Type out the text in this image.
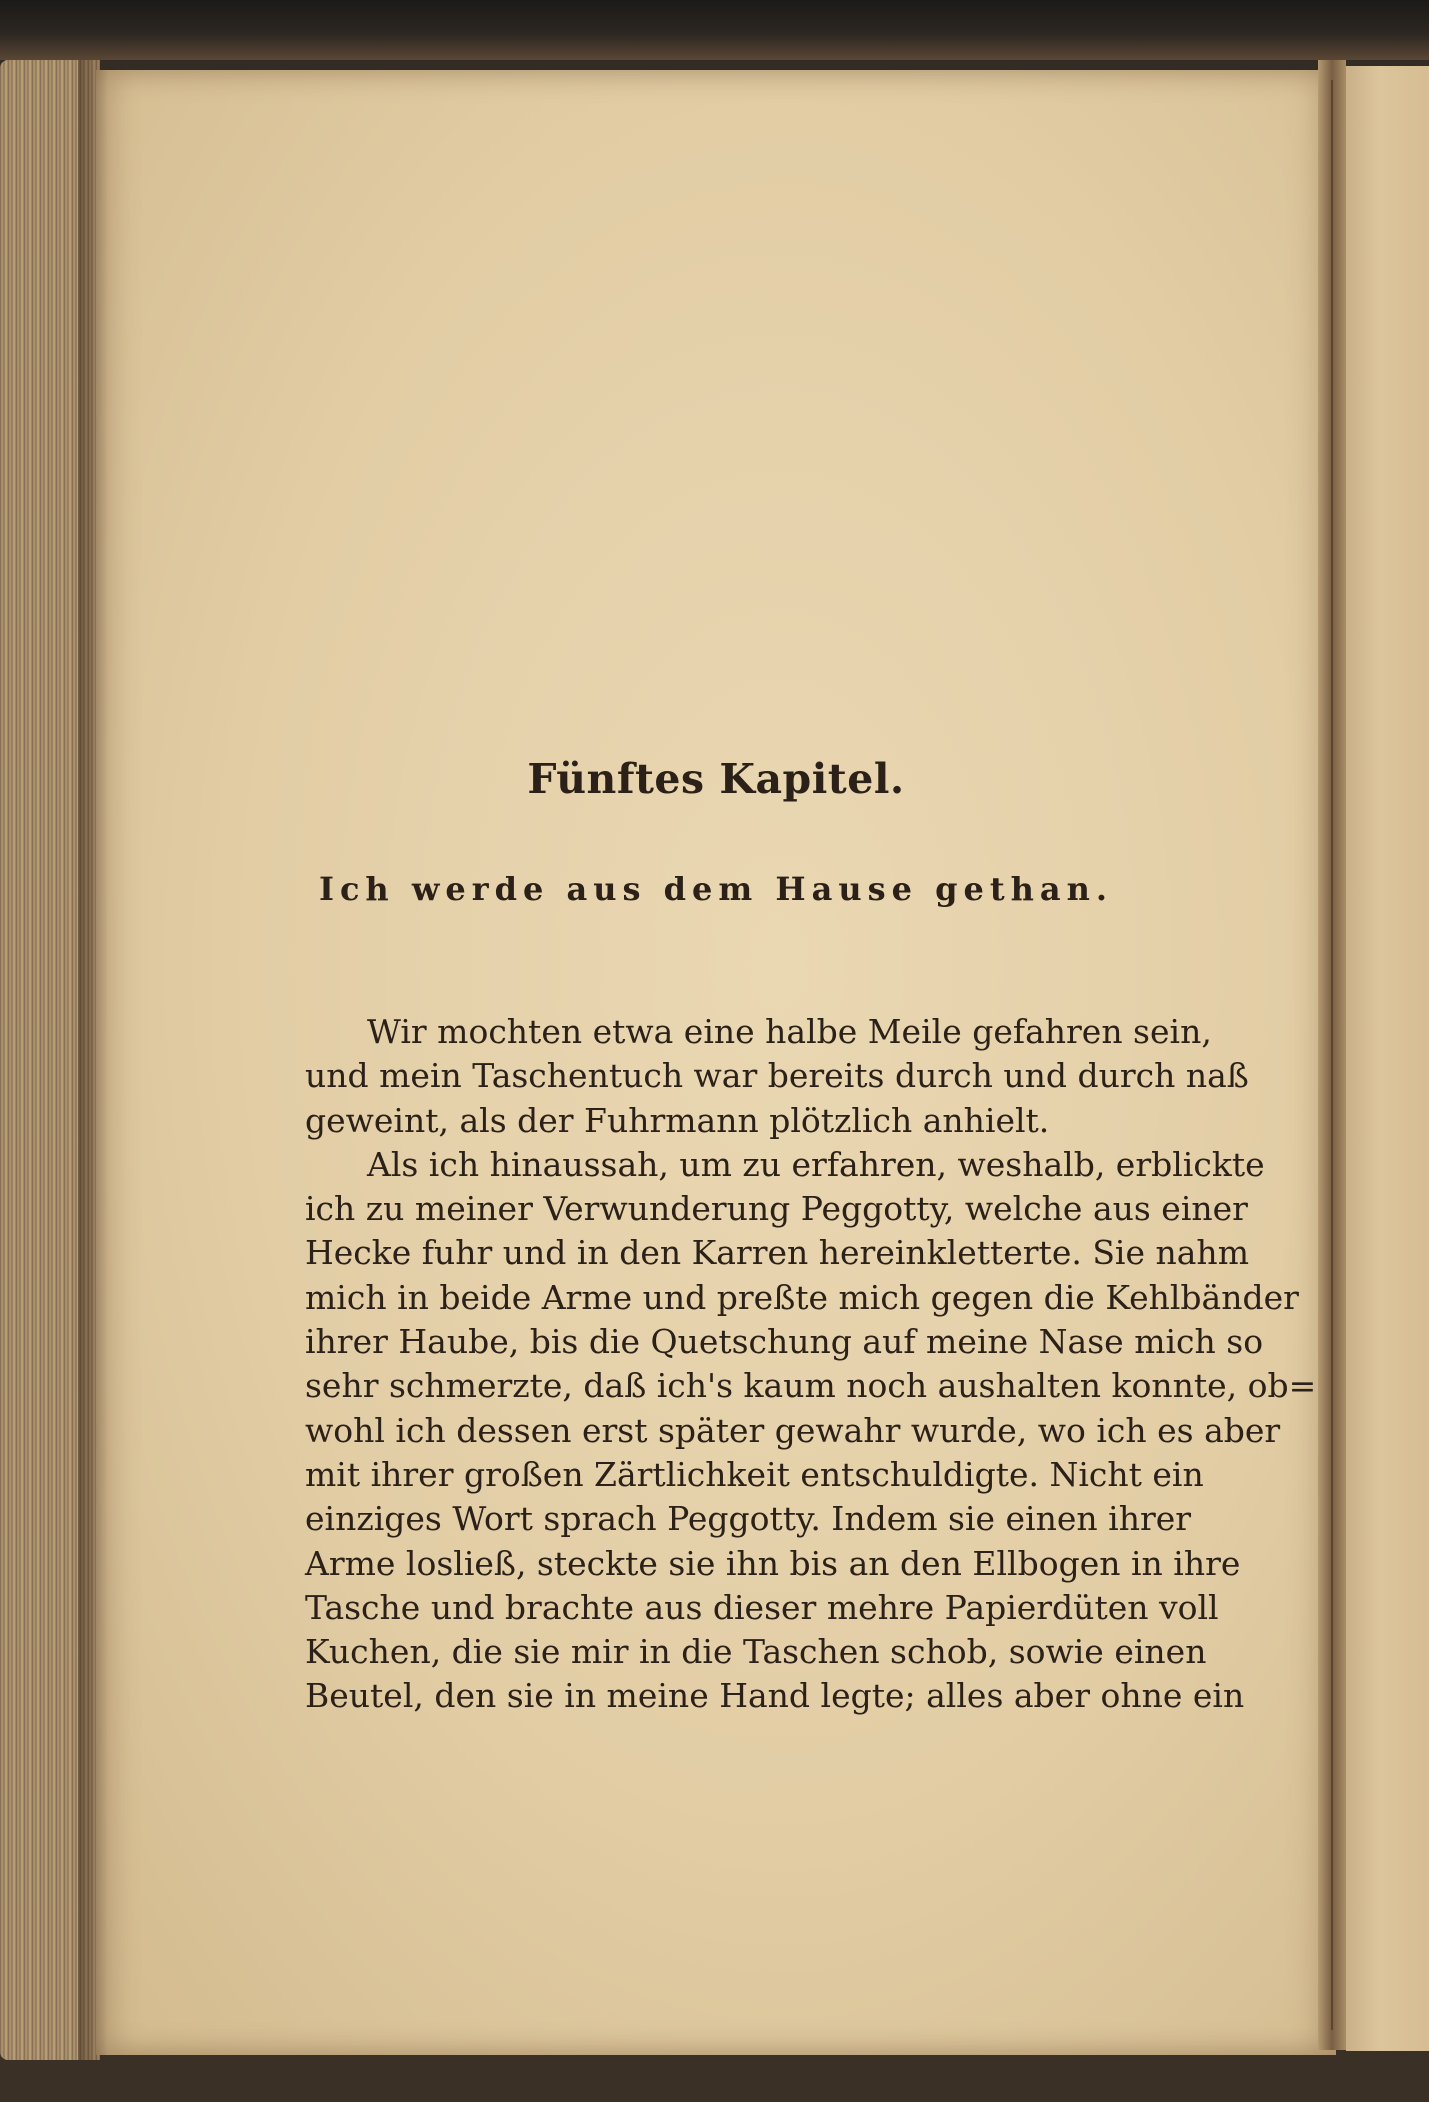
Fünftes Kapitel.
Ich werde aus dem Hause gethan.
Wir mochten etwa eine halbe Meile gefahren sein,
und mein Taschentuch war bereits durch und durch naß
geweint, als der Fuhrmann plötzlich anhielt.
Als ich hinaussah, um zu erfahren, weshalb, erblickte
ich zu meiner Verwunderung Peggotty, welche aus einer
Hecke fuhr und in den Karren hereinkletterte. Sie nahm
mich in beide Arme und preßte mich gegen die Kehlbänder
ihrer Haube, bis die Quetschung auf meine Nase mich so
sehr schmerzte, daß ich's kaum noch aushalten konnte, ob=
wohl ich dessen erst später gewahr wurde, wo ich es aber
mit ihrer großen Zärtlichkeit entschuldigte. Nicht ein
einziges Wort sprach Peggotty. Indem sie einen ihrer
Arme losließ, steckte sie ihn bis an den Ellbogen in ihre
Tasche und brachte aus dieser mehre Papierdüten voll
Kuchen, die sie mir in die Taschen schob, sowie einen
Beutel, den sie in meine Hand legte; alles aber ohne ein
